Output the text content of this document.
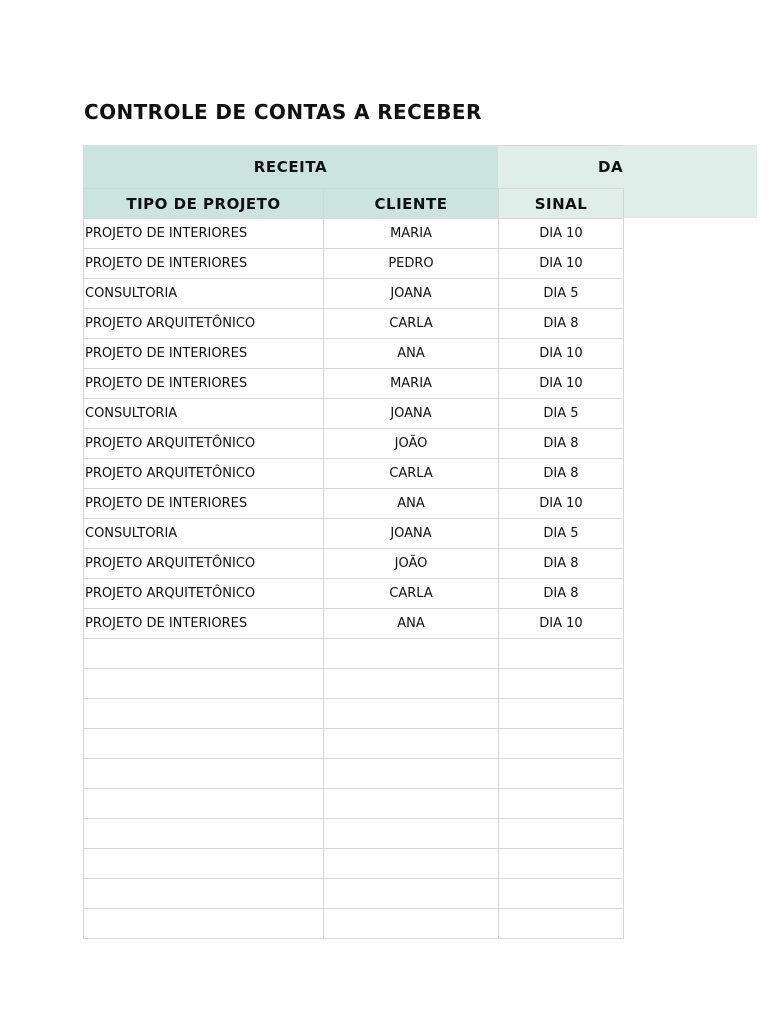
CONTROLE DE CONTAS A RECEBER
RECEITA	DA
TIPO DE PROJETO	CLIENTE	SINAL
PROJETO DE INTERIORES	MARIA	DIA 10
PROJETO DE INTERIORES	PEDRO	DIA 10
CONSULTORIA	JOANA	DIA 5
PROJETO ARQUITETÔNICO	CARLA	DIA 8
PROJETO DE INTERIORES	ANA	DIA 10
PROJETO DE INTERIORES	MARIA	DIA 10
CONSULTORIA	JOANA	DIA 5
PROJETO ARQUITETÔNICO	JOÃO	DIA 8
PROJETO ARQUITETÔNICO	CARLA	DIA 8
PROJETO DE INTERIORES	ANA	DIA 10
CONSULTORIA	JOANA	DIA 5
PROJETO ARQUITETÔNICO	JOÃO	DIA 8
PROJETO ARQUITETÔNICO	CARLA	DIA 8
PROJETO DE INTERIORES	ANA	DIA 10
